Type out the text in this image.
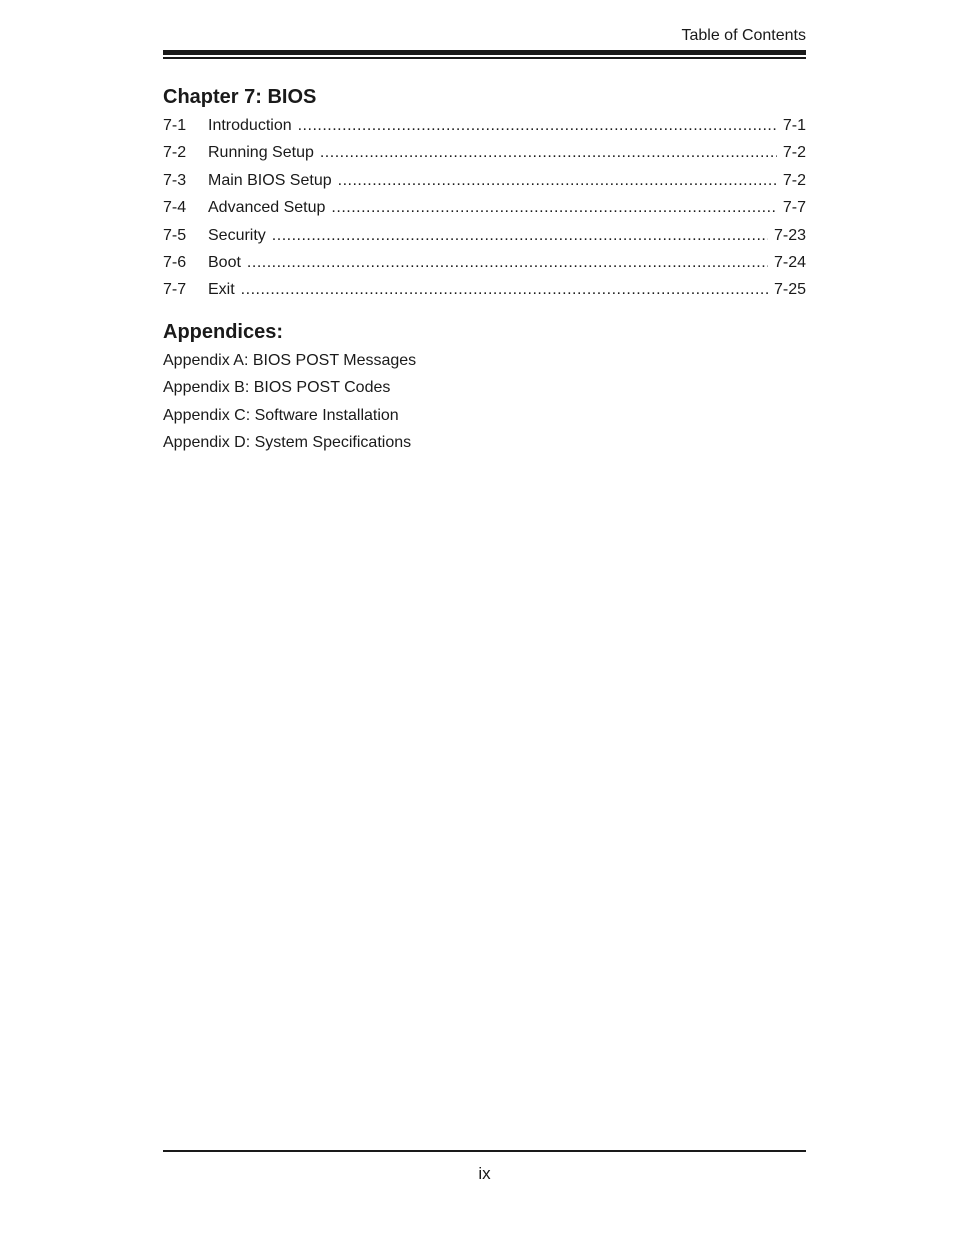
Table of Contents
Chapter 7: BIOS
7-1	Introduction .....	7-1
7-2	Running Setup .....	7-2
7-3	Main BIOS Setup .....	7-2
7-4	Advanced Setup .....	7-7
7-5	Security .....	7-23
7-6	Boot .....	7-24
7-7	Exit .....	7-25
Appendices:
Appendix A: BIOS POST Messages
Appendix B: BIOS POST Codes
Appendix C: Software Installation
Appendix D: System Specifications
ix
